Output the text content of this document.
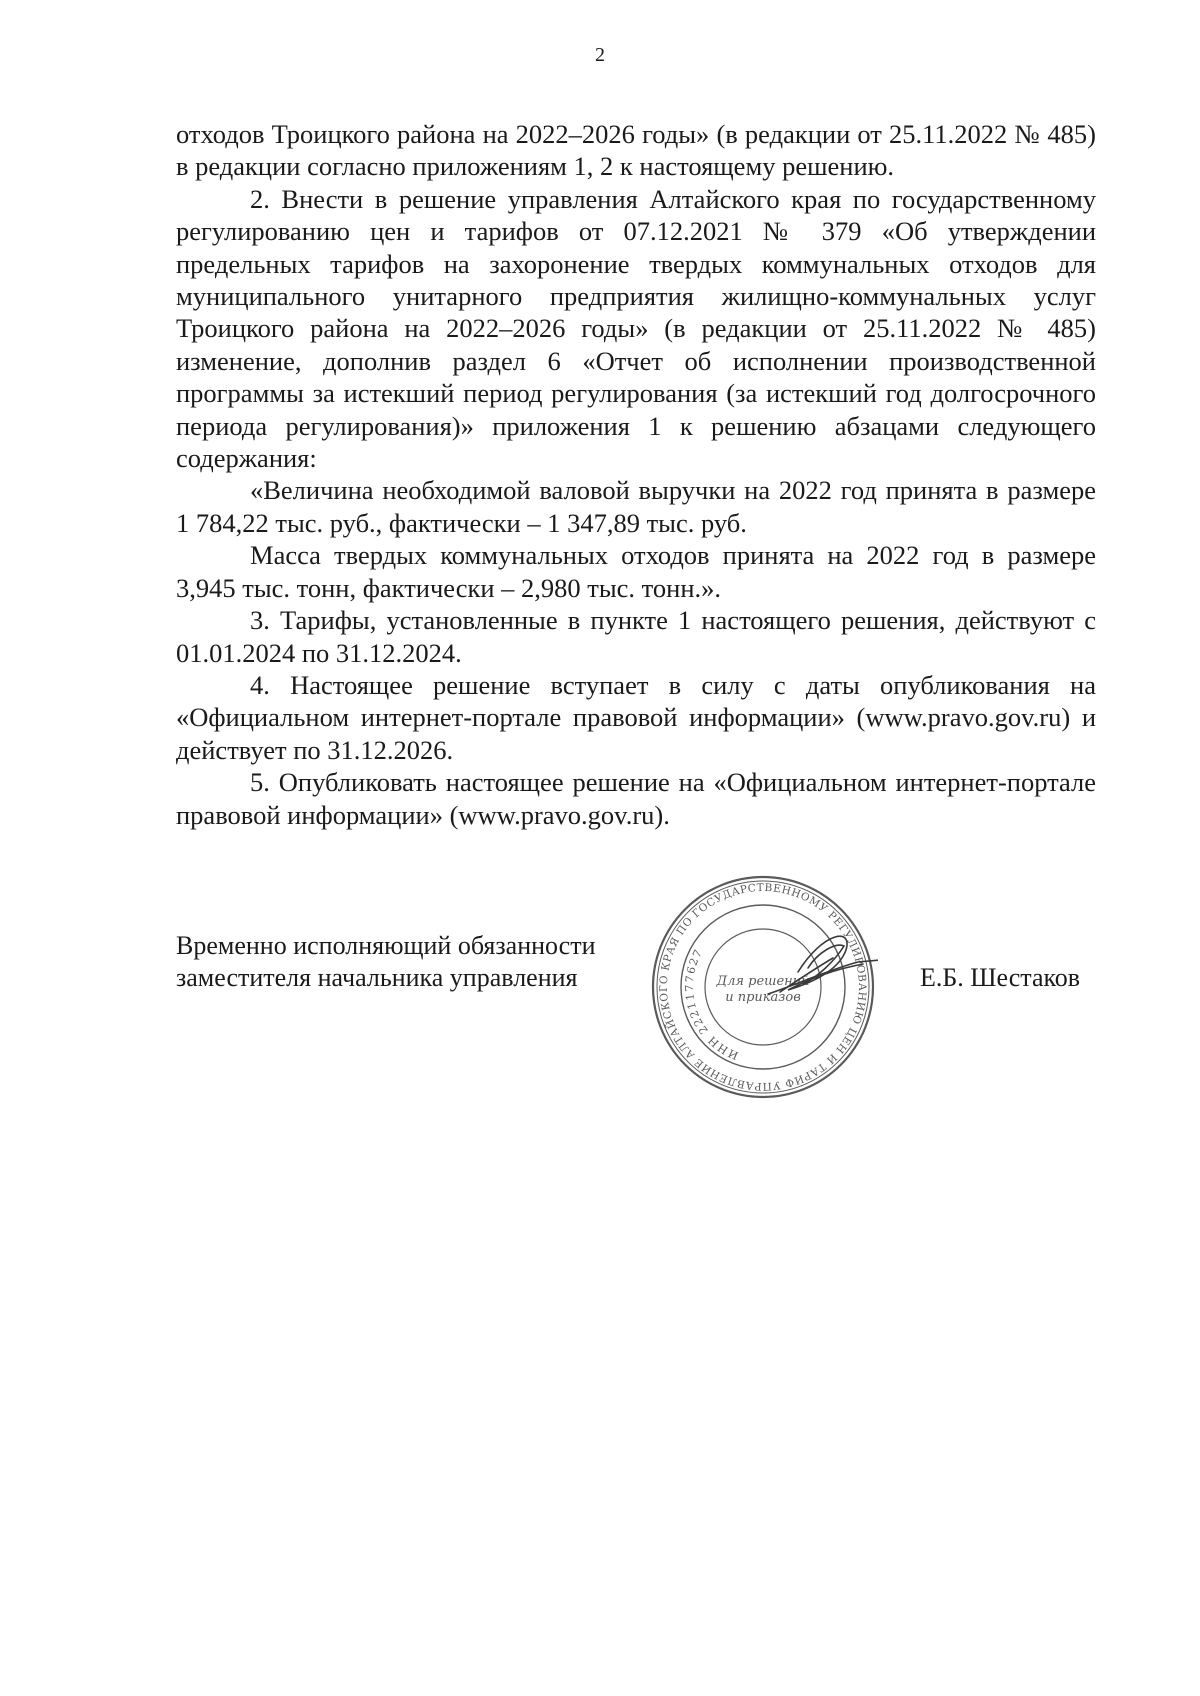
2

отходов Троицкого района на 2022–2026 годы» (в редакции от 25.11.2022 № 485) в редакции согласно приложениям 1, 2 к настоящему решению.

2. Внести в решение управления Алтайского края по государственному регулированию цен и тарифов от 07.12.2021 № 379 «Об утверждении предельных тарифов на захоронение твердых коммунальных отходов для муниципального унитарного предприятия жилищно-коммунальных услуг Троицкого района на 2022–2026 годы» (в редакции от 25.11.2022 № 485) изменение, дополнив раздел 6 «Отчет об исполнении производственной программы за истекший период регулирования (за истекший год долгосрочного периода регулирования)» приложения 1 к решению абзацами следующего содержания:

«Величина необходимой валовой выручки на 2022 год принята в размере 1 784,22 тыс. руб., фактически – 1 347,89 тыс. руб.

Масса твердых коммунальных отходов принята на 2022 год в размере 3,945 тыс. тонн, фактически – 2,980 тыс. тонн.».

3. Тарифы, установленные в пункте 1 настоящего решения, действуют с 01.01.2024 по 31.12.2024.

4. Настоящее решение вступает в силу с даты опубликования на «Официальном интернет-портале правовой информации» (www.pravo.gov.ru) и действует по 31.12.2026.

5. Опубликовать настоящее решение на «Официальном интернет-портале правовой информации» (www.pravo.gov.ru).

Временно исполняющий обязанности
заместителя начальника управления
УПРАВЛЕНИЕ АЛТАЙСКОГО КРАЯ ПО ГОСУДАРСТВЕННОМУ РЕГУЛИРОВАНИЮ ЦЕН И ТАРИФОВ
ИНН 2221177627
Для решений
и приказов
Е.Б. Шестаков
